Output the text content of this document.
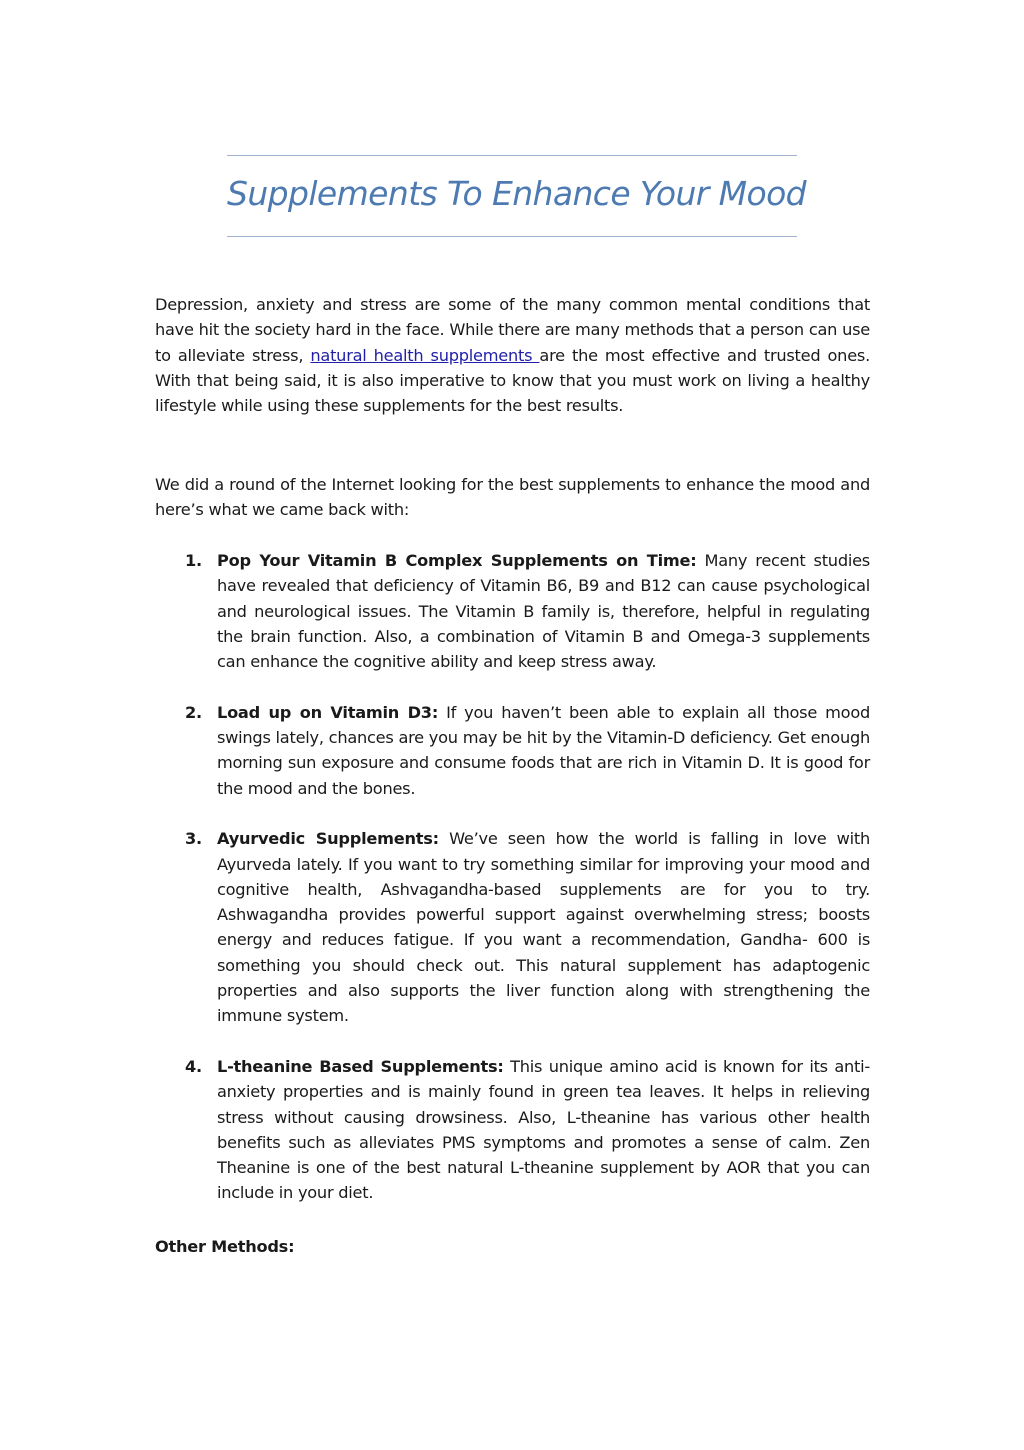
Supplements To Enhance Your Mood
Depression, anxiety and stress are some of the many common mental conditions that have hit the society hard in the face. While there are many methods that a person can use to alleviate stress, natural health supplements are the most effective and trusted ones. With that being said, it is also imperative to know that you must work on living a healthy lifestyle while using these supplements for the best results.
We did a round of the Internet looking for the best supplements to enhance the mood and here’s what we came back with:
1. Pop Your Vitamin B Complex Supplements on Time: Many recent studies have revealed that deficiency of Vitamin B6, B9 and B12 can cause psychological and neurological issues. The Vitamin B family is, therefore, helpful in regulating the brain function. Also, a combination of Vitamin B and Omega-3 supplements can enhance the cognitive ability and keep stress away.
2. Load up on Vitamin D3: If you haven’t been able to explain all those mood swings lately, chances are you may be hit by the Vitamin-D deficiency. Get enough morning sun exposure and consume foods that are rich in Vitamin D. It is good for the mood and the bones.
3. Ayurvedic Supplements: We’ve seen how the world is falling in love with Ayurveda lately. If you want to try something similar for improving your mood and cognitive health, Ashvagandha-based supplements are for you to try. Ashwagandha provides powerful support against overwhelming stress; boosts energy and reduces fatigue. If you want a recommendation, Gandha- 600 is something you should check out. This natural supplement has adaptogenic properties and also supports the liver function along with strengthening the immune system.
4. L-theanine Based Supplements: This unique amino acid is known for its anti-anxiety properties and is mainly found in green tea leaves. It helps in relieving stress without causing drowsiness. Also, L-theanine has various other health benefits such as alleviates PMS symptoms and promotes a sense of calm. Zen Theanine is one of the best natural L-theanine supplement by AOR that you can include in your diet.
Other Methods:
